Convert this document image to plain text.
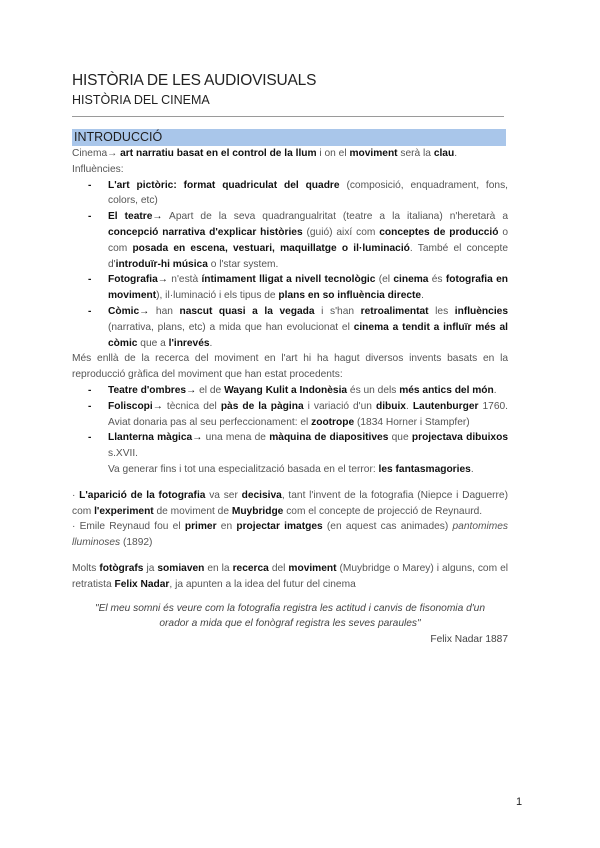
HISTÒRIA DE LES AUDIOVISUALS
HISTÒRIA DEL CINEMA
INTRODUCCIÓ
Cinema→ art narratiu basat en el control de la llum i on el moviment serà la clau.
Influències:
- L'art pictòric: format quadriculat del quadre (composició, enquadrament, fons, colors, etc)
- El teatre→ Apart de la seva quadrangualritat (teatre a la italiana) n'heretarà a concepció narrativa d'explicar històries (guió) així com conceptes de producció o com posada en escena, vestuari, maquillatge o il·luminació. També el concepte d'introduïr-hi música o l'star system.
- Fotografia→ n'està íntimament lligat a nivell tecnològic (el cinema és fotografia en moviment), il·luminació i els tipus de plans en so influència directe.
- Còmic→ han nascut quasi a la vegada i s'han retroalimentat les influències (narrativa, plans, etc) a mida que han evolucionat el cinema a tendit a influïr més al còmic que a l'inrevés.
Més enllà de la recerca del moviment en l'art hi ha hagut diversos invents basats en la reproducció gràfica del moviment que han estat procedents:
- Teatre d'ombres→ el de Wayang Kulit a Indonèsia és un dels més antics del món.
- Foliscopi→ tècnica del pàs de la pàgina i variació d'un dibuix. Lautenburger 1760. Aviat donaria pas al seu perfeccionament: el zootrope (1834 Horner i Stampfer)
- Llanterna màgica→ una mena de màquina de diapositives que projectava dibuixos s.XVII.
Va generar fins i tot una especialització basada en el terror: les fantasmagories.
· L'aparició de la fotografia va ser decisiva, tant l'invent de la fotografia (Niepce i Daguerre) com l'experiment de moviment de Muybridge com el concepte de projecció de Reynaurd.
· Emile Reynaud fou el primer en projectar imatges (en aquest cas animades) pantomimes lluminoses (1892)
Molts fotògrafs ja somiaven en la recerca del moviment (Muybridge o Marey) i alguns, com el retratista Felix Nadar, ja apunten a la idea del futur del cinema
"El meu somni és veure com la fotografia registra les actitud i canvis de fisonomia d'un orador a mida que el fonògraf registra les seves paraules"
Felix Nadar 1887
1
